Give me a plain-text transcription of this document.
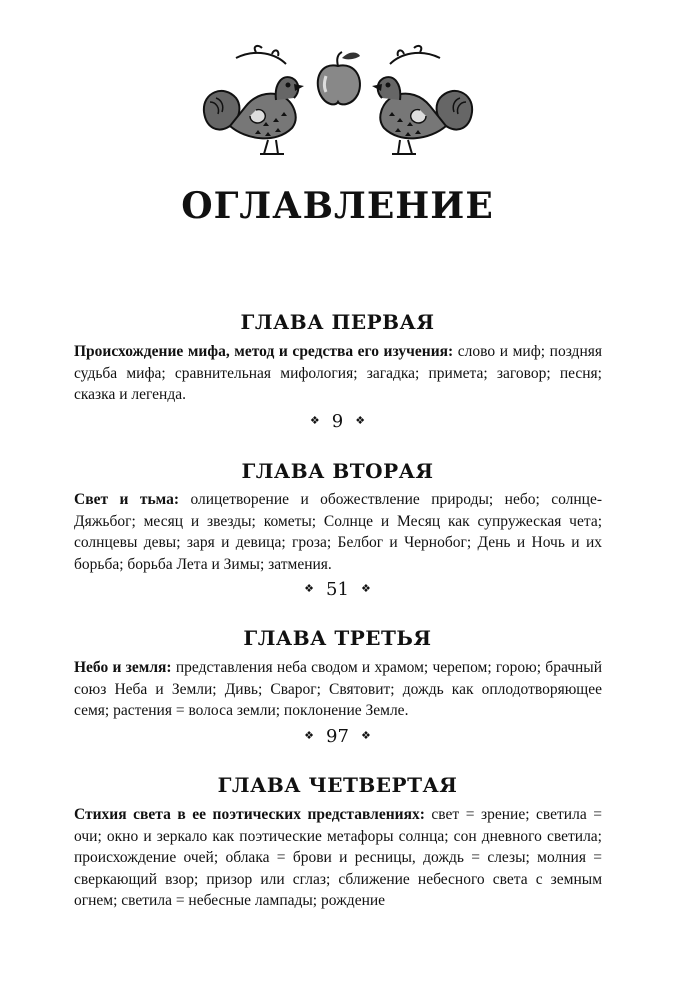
ОГЛАВЛЕНИЕ
ГЛАВА ПЕРВАЯ

Происхождение мифа, метод и средства его изучения: слово и миф; поздняя судьба мифа; сравнительная мифология; загадка; примета; заговор; песня; сказка и легенда.

❖ 9 ❖
ГЛАВА ВТОРАЯ

Свет и тьма: олицетворение и обожествление природы; небо; солнце-Дяжьбог; месяц и звезды; кометы; Солнце и Месяц как супружеская чета; солнцевы девы; заря и девица; гроза; Белбог и Чернобог; День и Ночь и их борьба; борьба Лета и Зимы; затмения.

❖ 51 ❖
ГЛАВА ТРЕТЬЯ

Небо и земля: представления неба сводом и храмом; черепом; горою; брачный союз Неба и Земли; Дивь; Сварог; Святовит; дождь как оплодотворяющее семя; растения = волоса земли; поклонение Земле.

❖ 97 ❖
ГЛАВА ЧЕТВЕРТАЯ

Стихия света в ее поэтических представлениях: свет = зрение; светила = очи; окно и зеркало как поэтические метафоры солнца; сон дневного светила; происхождение очей; облака = брови и ресницы, дождь = слезы; молния = сверкающий взор; призор или сглаз; сближение небесного света с земным огнем; светила = небесные лампады; рождение
